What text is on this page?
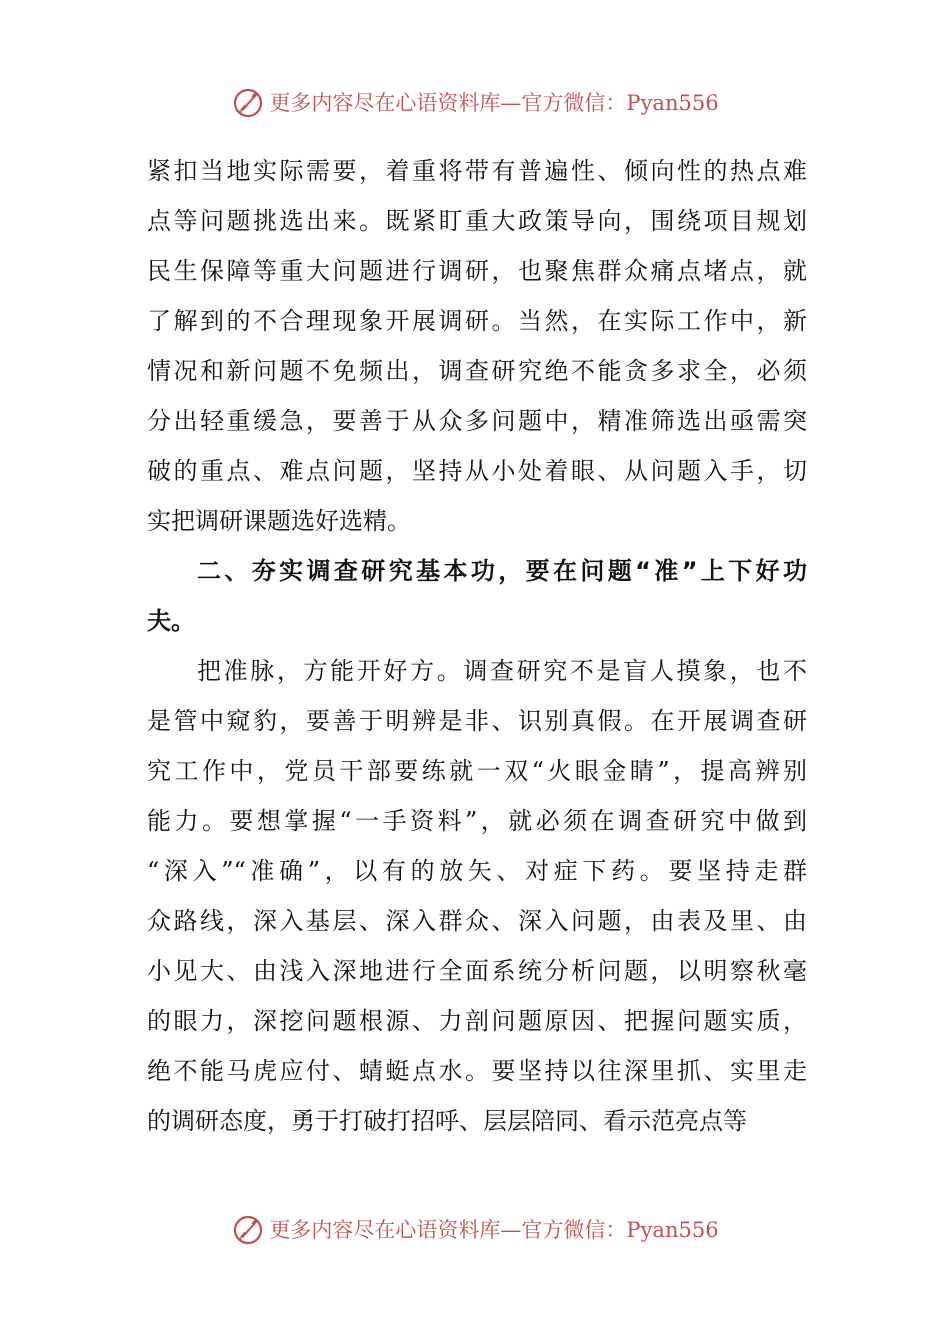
更多内容尽在心语资料库—官方微信：Pyan556
紧扣当地实际需要，着重将带有普遍性、倾向性的热点难
点等问题挑选出来。既紧盯重大政策导向，围绕项目规划
民生保障等重大问题进行调研，也聚焦群众痛点堵点，就
了解到的不合理现象开展调研。当然，在实际工作中，新
情况和新问题不免频出，调查研究绝不能贪多求全，必须
分出轻重缓急，要善于从众多问题中，精准筛选出亟需突
破的重点、难点问题，坚持从小处着眼、从问题入手，切
实把调研课题选好选精。
二、夯实调查研究基本功，要在问题“准”上下好功
夫。
把准脉，方能开好方。调查研究不是盲人摸象，也不
是管中窥豹，要善于明辨是非、识别真假。在开展调查研
究工作中，党员干部要练就一双“火眼金睛”，提高辨别
能力。要想掌握“一手资料”，就必须在调查研究中做到
“深入”“准确”，以有的放矢、对症下药。要坚持走群
众路线，深入基层、深入群众、深入问题，由表及里、由
小见大、由浅入深地进行全面系统分析问题，以明察秋毫
的眼力，深挖问题根源、力剖问题原因、把握问题实质，
绝不能马虎应付、蜻蜓点水。要坚持以往深里抓、实里走
的调研态度，勇于打破打招呼、层层陪同、看示范亮点等
更多内容尽在心语资料库—官方微信：Pyan556
